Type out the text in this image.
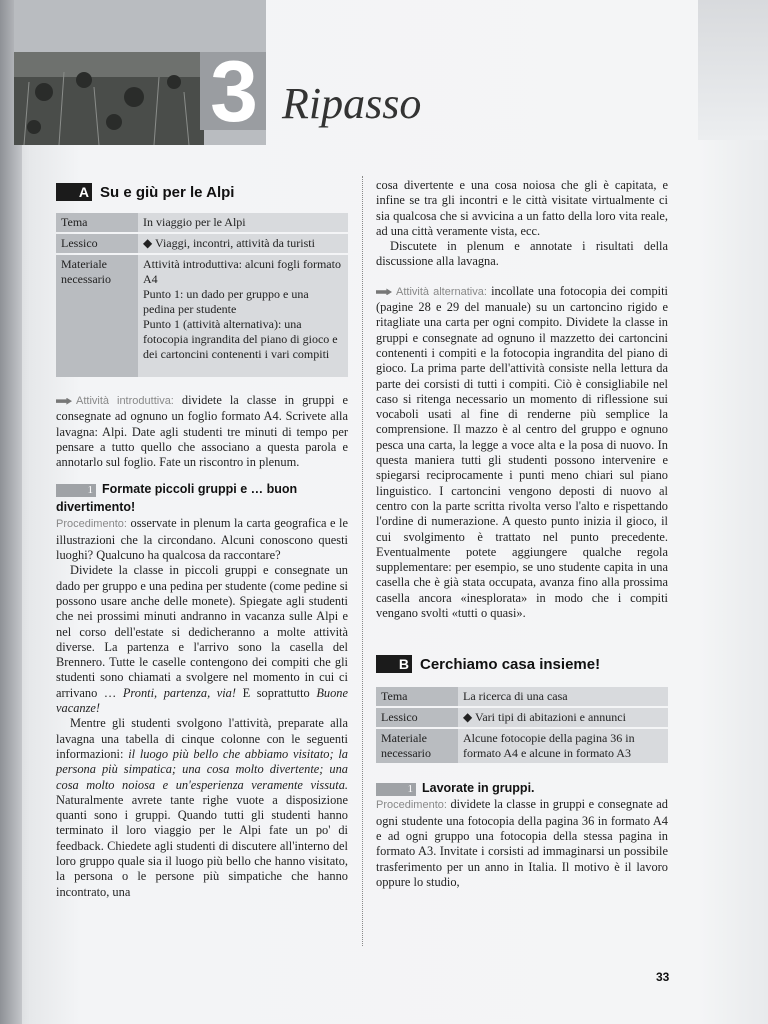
3 Ripasso
A Su e giù per le Alpi
Tema	In viaggio per le Alpi
Lessico	◆ Viaggi, incontri, attività da turisti
Materiale necessario	Attività introduttiva: alcuni fogli formato A4
Punto 1: un dado per gruppo e una pedina per studente
Punto 1 (attività alternativa): una fotocopia ingrandita del piano di gioco e dei cartoncini contenenti i vari compiti

Attività introduttiva: dividete la classe in gruppi e consegnate ad ognuno un foglio formato A4. Scrivete alla lavagna: Alpi. Date agli studenti tre minuti di tempo per pensare a tutto quello che associano a questa parola e annotarlo sul foglio. Fate un riscontro in plenum.

1 Formate piccoli gruppi e … buon divertimento!

Procedimento: osservate in plenum la carta geografica e le illustrazioni che la circondano. Alcuni conoscono questi luoghi? Qualcuno ha qualcosa da raccontare?

Dividete la classe in piccoli gruppi e consegnate un dado per gruppo e una pedina per studente (come pedine si possono usare anche delle monete). Spiegate agli studenti che nei prossimi minuti andranno in vacanza sulle Alpi e nel corso dell'estate si dedicheranno a molte attività diverse. La partenza e l'arrivo sono la casella del Brennero. Tutte le caselle contengono dei compiti che gli studenti sono chiamati a svolgere nel momento in cui ci arrivano … Pronti, partenza, via! E soprattutto Buone vacanze!

Mentre gli studenti svolgono l'attività, preparate alla lavagna una tabella di cinque colonne con le seguenti informazioni: il luogo più bello che abbiamo visitato; la persona più simpatica; una cosa molto divertente; una cosa molto noiosa e un'esperienza veramente vissuta. Naturalmente avrete tante righe vuote a disposizione quanti sono i gruppi. Quando tutti gli studenti hanno terminato il loro viaggio per le Alpi fate un po' di feedback. Chiedete agli studenti di discutere all'interno del loro gruppo quale sia il luogo più bello che hanno visitato, la persona o le persone più simpatiche che hanno incontrato, una

cosa divertente e una cosa noiosa che gli è capitata, e infine se tra gli incontri e le città visitate virtualmente ci sia qualcosa che si avvicina a un fatto della loro vita reale, ad una città veramente vista, ecc.

Discutete in plenum e annotate i risultati della discussione alla lavagna.

Attività alternativa: incollate una fotocopia dei compiti (pagine 28 e 29 del manuale) su un cartoncino rigido e ritagliate una carta per ogni compito. Dividete la classe in gruppi e consegnate ad ognuno il mazzetto dei cartoncini contenenti i compiti e la fotocopia ingrandita del piano di gioco. La prima parte dell'attività consiste nella lettura da parte dei corsisti di tutti i compiti. Ciò è consigliabile nel caso si ritenga necessario un momento di riflessione sui vocaboli usati al fine di renderne più semplice la comprensione. Il mazzo è al centro del gruppo e ognuno pesca una carta, la legge a voce alta e la posa di nuovo. In questa maniera tutti gli studenti possono intervenire e spiegarsi reciprocamente i punti meno chiari sul piano linguistico. I cartoncini vengono deposti di nuovo al centro con la parte scritta rivolta verso l'alto e rispettando l'ordine di numerazione. A questo punto inizia il gioco, il cui svolgimento è trattato nel punto precedente. Eventualmente potete aggiungere qualche regola supplementare: per esempio, se uno studente capita in una casella che è già stata occupata, avanza fino alla prossima casella ancora «inesplorata» in modo che i compiti vengano svolti «tutti o quasi».

B Cerchiamo casa insieme!
Tema	La ricerca di una casa
Lessico	◆ Vari tipi di abitazioni e annunci
Materiale necessario	Alcune fotocopie della pagina 36 in formato A4 e alcune in formato A3
1 Lavorate in gruppi.

Procedimento: dividete la classe in gruppi e consegnate ad ogni studente una fotocopia della pagina 36 in formato A4 e ad ogni gruppo una fotocopia della stessa pagina in formato A3. Invitate i corsisti ad immaginarsi un possibile trasferimento per un anno in Italia. Il motivo è il lavoro oppure lo studio,

33
